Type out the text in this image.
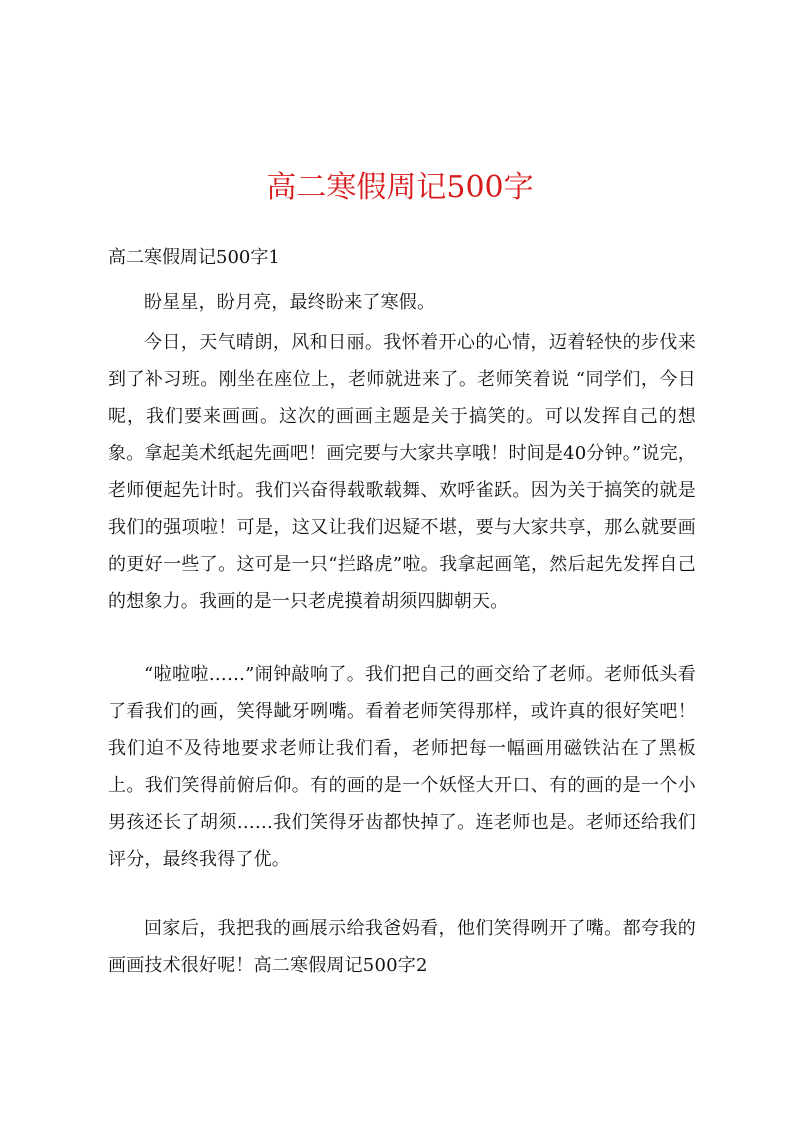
高二寒假周记500字

高二寒假周记500字1

盼星星，盼月亮，最终盼来了寒假。

今日，天气晴朗，风和日丽。我怀着开心的心情，迈着轻快的步伐来到了补习班。刚坐在座位上，老师就进来了。老师笑着说 “同学们，今日呢，我们要来画画。这次的画画主题是关于搞笑的。可以发挥自己的想象。拿起美术纸起先画吧！画完要与大家共享哦！时间是40分钟。”说完，老师便起先计时。我们兴奋得载歌载舞、欢呼雀跃。因为关于搞笑的就是我们的强项啦！可是，这又让我们迟疑不堪，要与大家共享，那么就要画的更好一些了。这可是一只“拦路虎”啦。我拿起画笔，然后起先发挥自己的想象力。我画的是一只老虎摸着胡须四脚朝天。

“啦啦啦……”闹钟敲响了。我们把自己的画交给了老师。老师低头看了看我们的画，笑得龇牙咧嘴。看着老师笑得那样，或许真的很好笑吧！我们迫不及待地要求老师让我们看，老师把每一幅画用磁铁沾在了黑板上。我们笑得前俯后仰。有的画的是一个妖怪大开口、有的画的是一个小男孩还长了胡须……我们笑得牙齿都快掉了。连老师也是。老师还给我们评分，最终我得了优。

回家后，我把我的画展示给我爸妈看，他们笑得咧开了嘴。都夸我的画画技术很好呢！高二寒假周记500字2
